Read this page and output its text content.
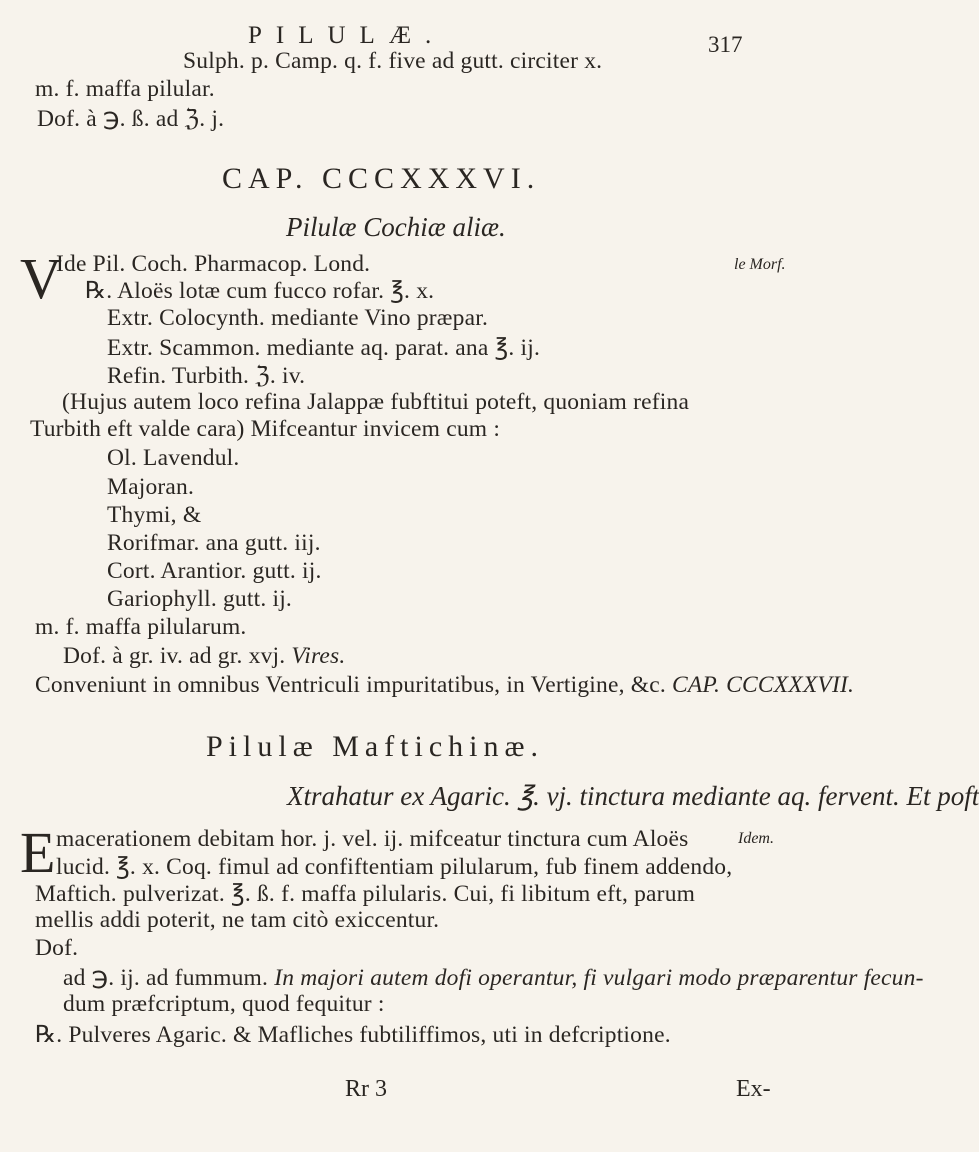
PILULÆ.	317
Sulph. p. Camp. q. f. five ad gutt. circiter x.
m. f. maffa pilular.
Dof. à ℈. ß. ad ℨ. j.
CAP. CCCXXXVI.
Pilulæ Cochiæ aliæ.
V
Ide Pil. Coch. Pharmacop. Lond.	le Morf.
℞. Aloës lotæ cum fucco rofar. ℥. x.
Extr. Colocynth. mediante Vino præpar.
Extr. Scammon. mediante aq. parat. ana ℥. ij.
Refin. Turbith. ℨ. iv.
(Hujus autem loco refina Jalappæ fubftitui poteft, quoniam refina
Turbith eft valde cara) Mifceantur invicem cum :
Ol. Lavendul.
Majoran.
Thymi, &
Rorifmar. ana gutt. iij.
Cort. Arantior. gutt. ij.
Gariophyll. gutt. ij.
m. f. maffa pilularum.
Dof. à gr. iv. ad gr. xvj. Vires.
Conveniunt in omnibus Ventriculi impuritatibus, in Vertigine, &c. CAP. CCCXXXVII.
Pilulæ Maftichinæ.
Xtrahatur ex Agaric. ℥. vj. tinctura mediante aq. fervent. Et poft
E macerationem debitam hor. j. vel. ij. mifceatur tinctura cum Aloës	Idem.
lucid. ℥. x. Coq. fimul ad confiftentiam pilularum, fub finem addendo,
Maftich. pulverizat. ℥. ß. f. maffa pilularis. Cui, fi libitum eft, parum
mellis addi poterit, ne tam citò exiccentur.
Dof.
ad ℈. ij. ad fummum. In majori autem dofi operantur, fi vulgari modo præparentur fecun-
dum præfcriptum, quod fequitur :
℞. Pulveres Agaric. & Mafliches fubtiliffimos, uti in defcriptione.
Rr 3	Ex-
